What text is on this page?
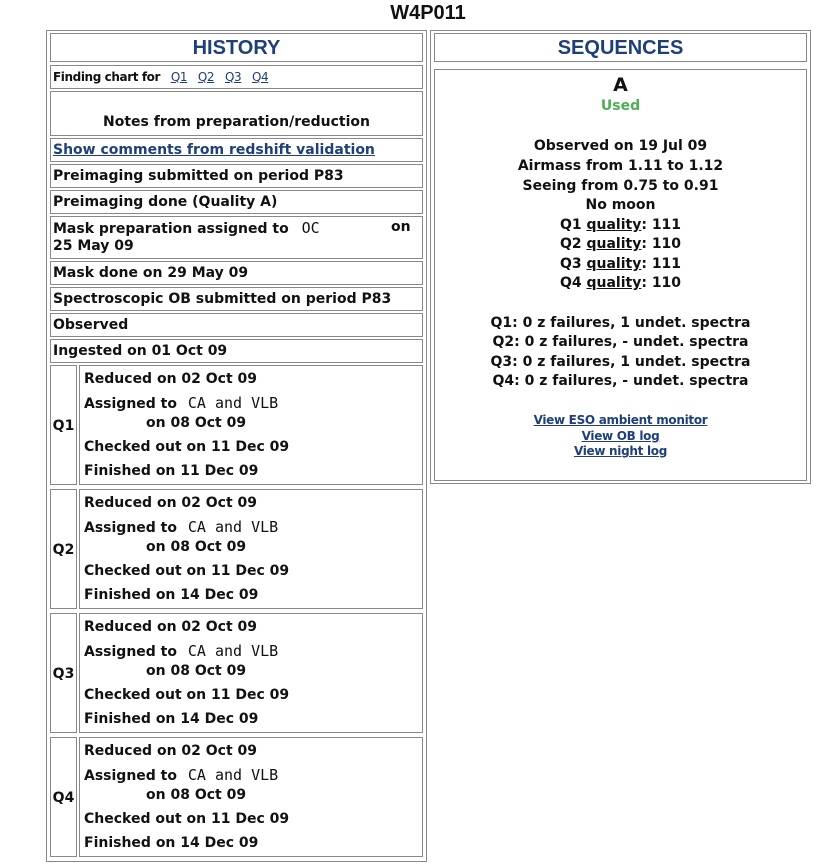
W4P011
HISTORY
Finding chart for Q1 Q2 Q3 Q4
Notes from preparation/reduction
Show comments from redshift validation
Preimaging submitted on period P83
Preimaging done (Quality A)
Mask preparation assigned to OC	on
25 May 09
Mask done on 29 May 09
Spectroscopic OB submitted on period P83
Observed
Ingested on 01 Oct 09
Q1
Reduced on 02 Oct 09
Assigned to CA and VLB
on 08 Oct 09
Checked out on 11 Dec 09
Finished on 11 Dec 09
Q2
Reduced on 02 Oct 09
Assigned to CA and VLB
on 08 Oct 09
Checked out on 11 Dec 09
Finished on 14 Dec 09
Q3
Reduced on 02 Oct 09
Assigned to CA and VLB
on 08 Oct 09
Checked out on 11 Dec 09
Finished on 14 Dec 09
Q4
Reduced on 02 Oct 09
Assigned to CA and VLB
on 08 Oct 09
Checked out on 11 Dec 09
Finished on 14 Dec 09
SEQUENCES
A
Used
Observed on 19 Jul 09
Airmass from 1.11 to 1.12
Seeing from 0.75 to 0.91
No moon
Q1 quality: 111
Q2 quality: 110
Q3 quality: 111
Q4 quality: 110
Q1: 0 z failures, 1 undet. spectra
Q2: 0 z failures, - undet. spectra
Q3: 0 z failures, 1 undet. spectra
Q4: 0 z failures, - undet. spectra
View ESO ambient monitor
View OB log
View night log
